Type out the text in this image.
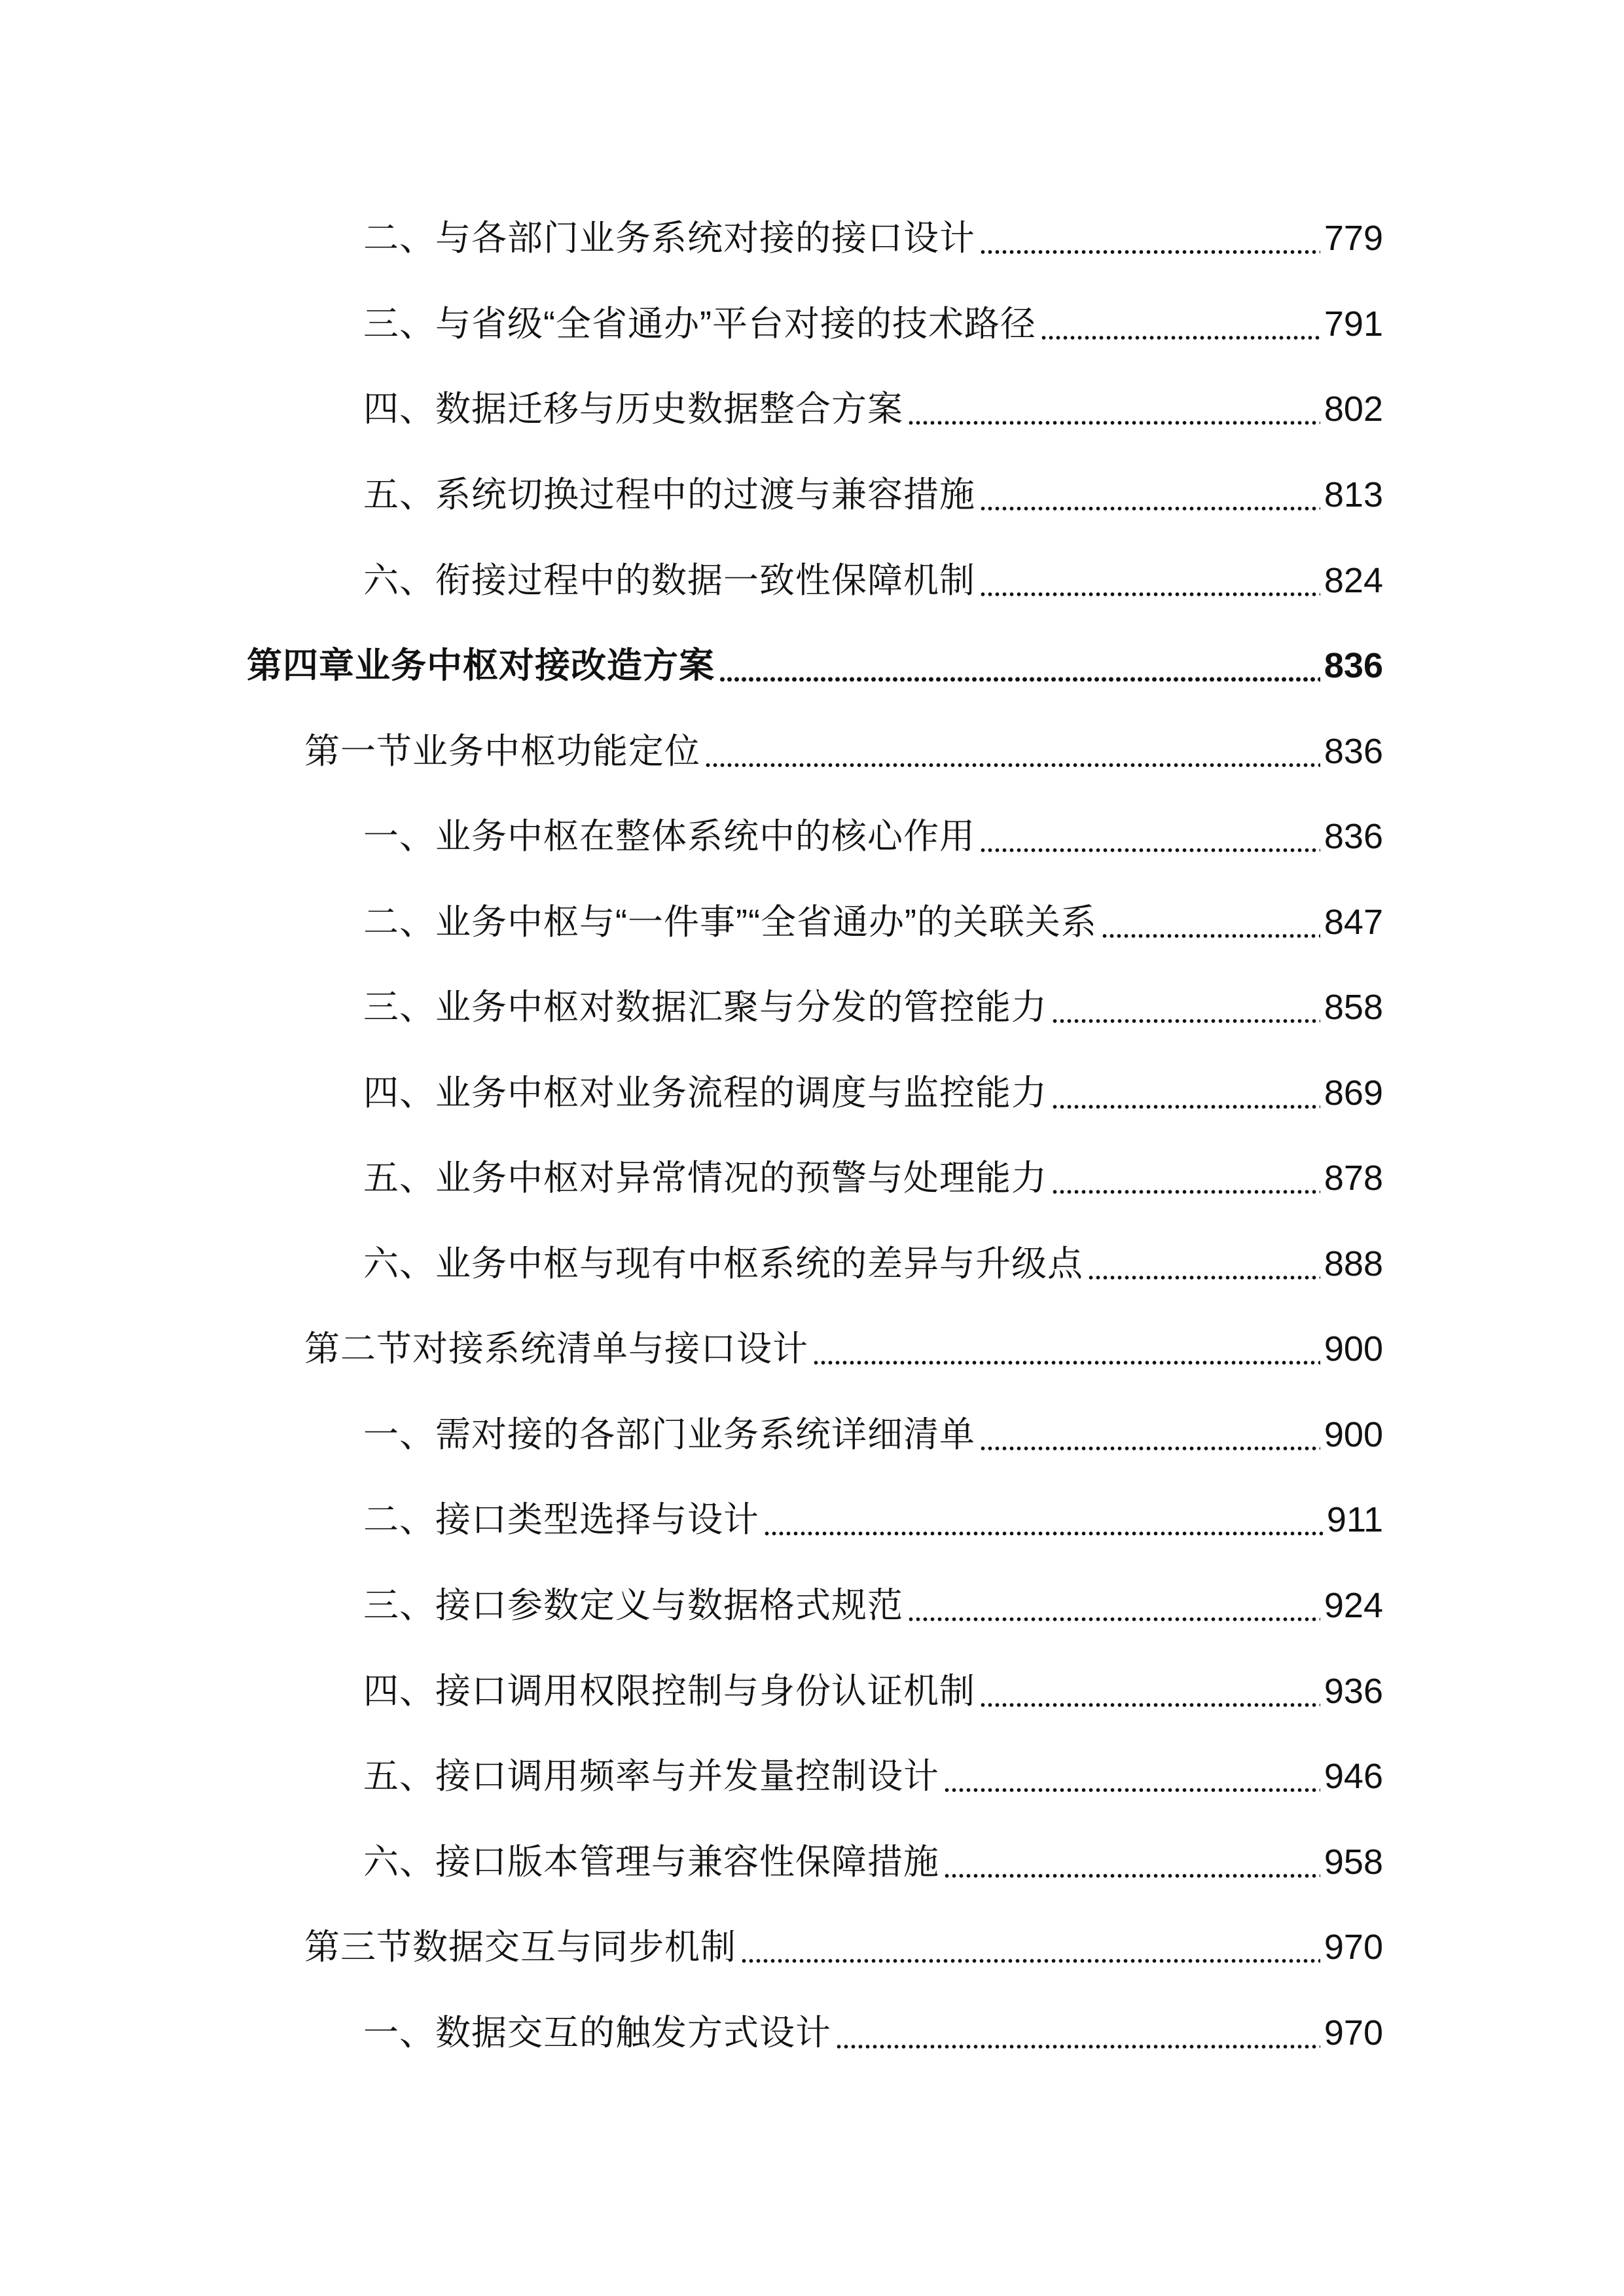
二、与各部门业务系统对接的接口设计	779
三、与省级“全省通办”平台对接的技术路径	791
四、数据迁移与历史数据整合方案	802
五、系统切换过程中的过渡与兼容措施	813
六、衔接过程中的数据一致性保障机制	824
第四章业务中枢对接改造方案	836
第一节业务中枢功能定位	836
一、业务中枢在整体系统中的核心作用	836
二、业务中枢与“一件事”“全省通办”的关联关系	847
三、业务中枢对数据汇聚与分发的管控能力	858
四、业务中枢对业务流程的调度与监控能力	869
五、业务中枢对异常情况的预警与处理能力	878
六、业务中枢与现有中枢系统的差异与升级点	888
第二节对接系统清单与接口设计	900
一、需对接的各部门业务系统详细清单	900
二、接口类型选择与设计	911
三、接口参数定义与数据格式规范	924
四、接口调用权限控制与身份认证机制	936
五、接口调用频率与并发量控制设计	946
六、接口版本管理与兼容性保障措施	958
第三节数据交互与同步机制	970
一、数据交互的触发方式设计	970
